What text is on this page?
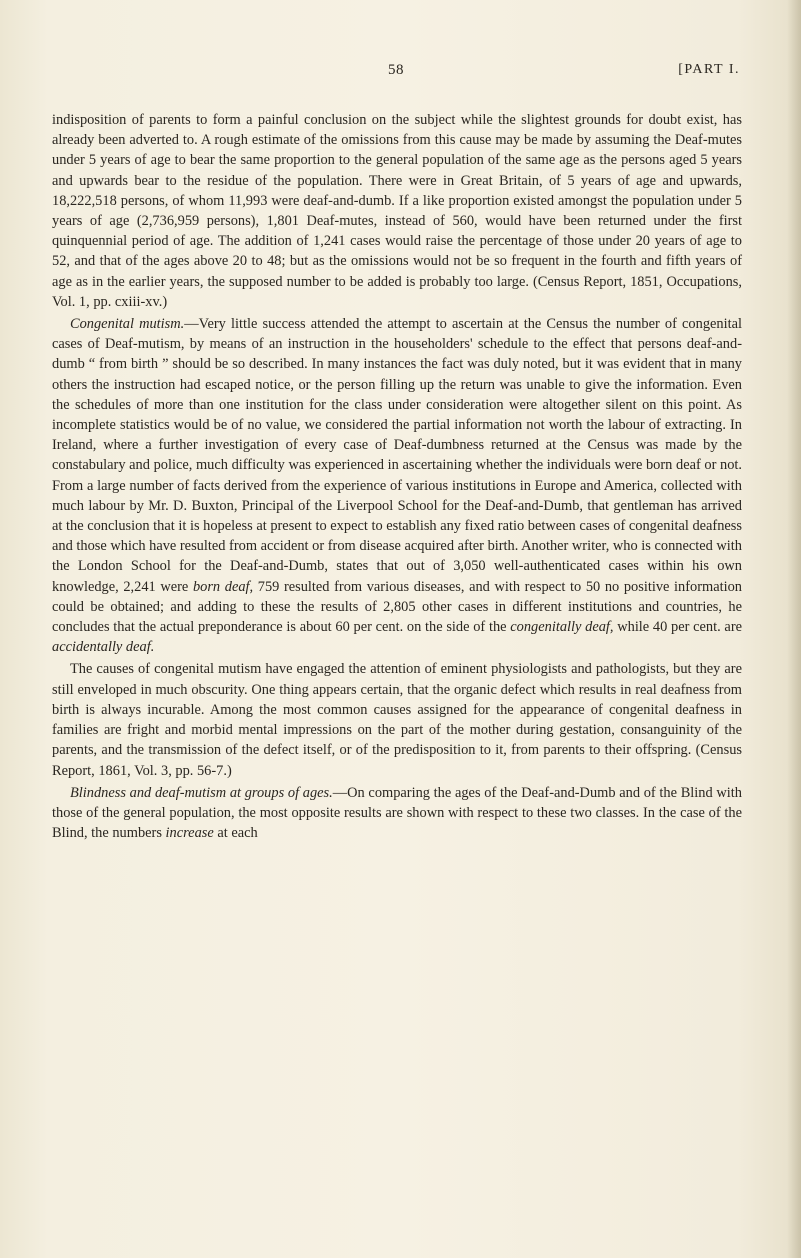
58	[PART I.

indisposition of parents to form a painful conclusion on the subject while the slightest grounds for doubt exist, has already been adverted to. A rough estimate of the omissions from this cause may be made by assuming the Deaf-mutes under 5 years of age to bear the same proportion to the general population of the same age as the persons aged 5 years and upwards bear to the residue of the population. There were in Great Britain, of 5 years of age and upwards, 18,222,518 persons, of whom 11,993 were deaf-and-dumb. If a like proportion existed amongst the population under 5 years of age (2,736,959 persons), 1,801 Deaf-mutes, instead of 560, would have been returned under the first quinquennial period of age. The addition of 1,241 cases would raise the percentage of those under 20 years of age to 52, and that of the ages above 20 to 48; but as the omissions would not be so frequent in the fourth and fifth years of age as in the earlier years, the supposed number to be added is probably too large. (Census Report, 1851, Occupations, Vol. 1, pp. cxiii-xv.)

Congenital mutism.—Very little success attended the attempt to ascertain at the Census the number of congenital cases of Deaf-mutism, by means of an instruction in the householders' schedule to the effect that persons deaf-and-dumb “ from birth ” should be so described. In many instances the fact was duly noted, but it was evident that in many others the instruction had escaped notice, or the person filling up the return was unable to give the information. Even the schedules of more than one institution for the class under consideration were altogether silent on this point. As incomplete statistics would be of no value, we considered the partial information not worth the labour of extracting. In Ireland, where a further investigation of every case of Deaf-dumbness returned at the Census was made by the constabulary and police, much difficulty was experienced in ascertaining whether the individuals were born deaf or not. From a large number of facts derived from the experience of various institutions in Europe and America, collected with much labour by Mr. D. Buxton, Principal of the Liverpool School for the Deaf-and-Dumb, that gentleman has arrived at the conclusion that it is hopeless at present to expect to establish any fixed ratio between cases of congenital deafness and those which have resulted from accident or from disease acquired after birth. Another writer, who is connected with the London School for the Deaf-and-Dumb, states that out of 3,050 well-authenticated cases within his own knowledge, 2,241 were born deaf, 759 resulted from various diseases, and with respect to 50 no positive information could be obtained; and adding to these the results of 2,805 other cases in different institutions and countries, he concludes that the actual preponderance is about 60 per cent. on the side of the congenitally deaf, while 40 per cent. are accidentally deaf.

The causes of congenital mutism have engaged the attention of eminent physiologists and pathologists, but they are still enveloped in much obscurity. One thing appears certain, that the organic defect which results in real deafness from birth is always incurable. Among the most common causes assigned for the appearance of congenital deafness in families are fright and morbid mental impressions on the part of the mother during gestation, consanguinity of the parents, and the transmission of the defect itself, or of the predisposition to it, from parents to their offspring. (Census Report, 1861, Vol. 3, pp. 56-7.)

Blindness and deaf-mutism at groups of ages.—On comparing the ages of the Deaf-and-Dumb and of the Blind with those of the general population, the most opposite results are shown with respect to these two classes. In the case of the Blind, the numbers increase at each
